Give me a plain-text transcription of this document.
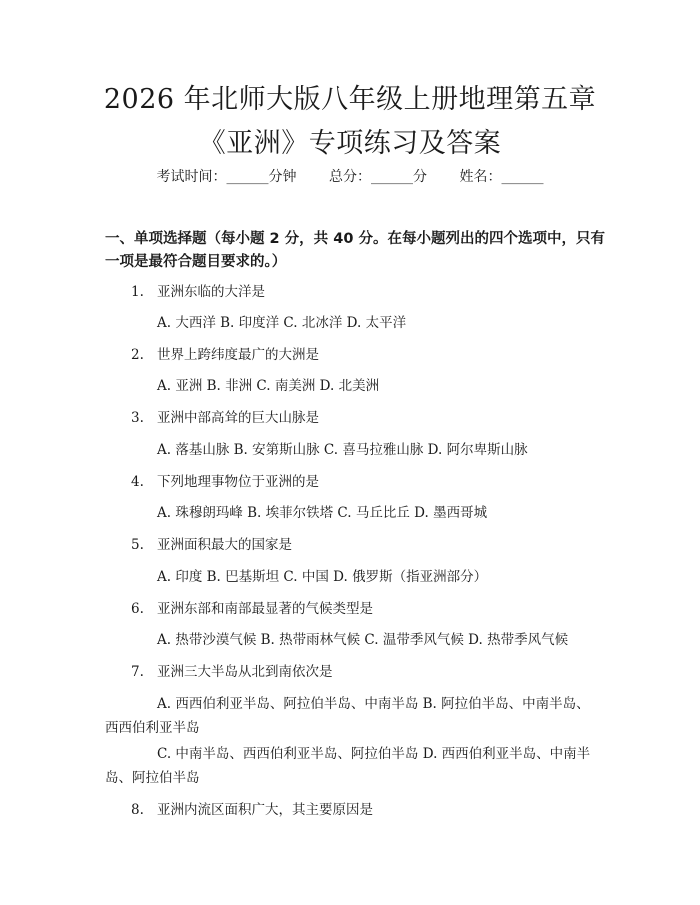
2026 年北师大版八年级上册地理第五章《亚洲》专项练习及答案
考试时间：______分钟 总分：______分 姓名：______
一、单项选择题（每小题 2 分，共 40 分。在每小题列出的四个选项中，只有一项是最符合题目要求的。）
1. 亚洲东临的大洋是
A. 大西洋 B. 印度洋 C. 北冰洋 D. 太平洋
2. 世界上跨纬度最广的大洲是
A. 亚洲 B. 非洲 C. 南美洲 D. 北美洲
3. 亚洲中部高耸的巨大山脉是
A. 落基山脉 B. 安第斯山脉 C. 喜马拉雅山脉 D. 阿尔卑斯山脉
4. 下列地理事物位于亚洲的是
A. 珠穆朗玛峰 B. 埃菲尔铁塔 C. 马丘比丘 D. 墨西哥城
5. 亚洲面积最大的国家是
A. 印度 B. 巴基斯坦 C. 中国 D. 俄罗斯（指亚洲部分）
6. 亚洲东部和南部最显著的气候类型是
A. 热带沙漠气候 B. 热带雨林气候 C. 温带季风气候 D. 热带季风气候
7. 亚洲三大半岛从北到南依次是
A. 西西伯利亚半岛、阿拉伯半岛、中南半岛 B. 阿拉伯半岛、中南半岛、西西伯利亚半岛
C. 中南半岛、西西伯利亚半岛、阿拉伯半岛 D. 西西伯利亚半岛、中南半岛、阿拉伯半岛
8. 亚洲内流区面积广大，其主要原因是
